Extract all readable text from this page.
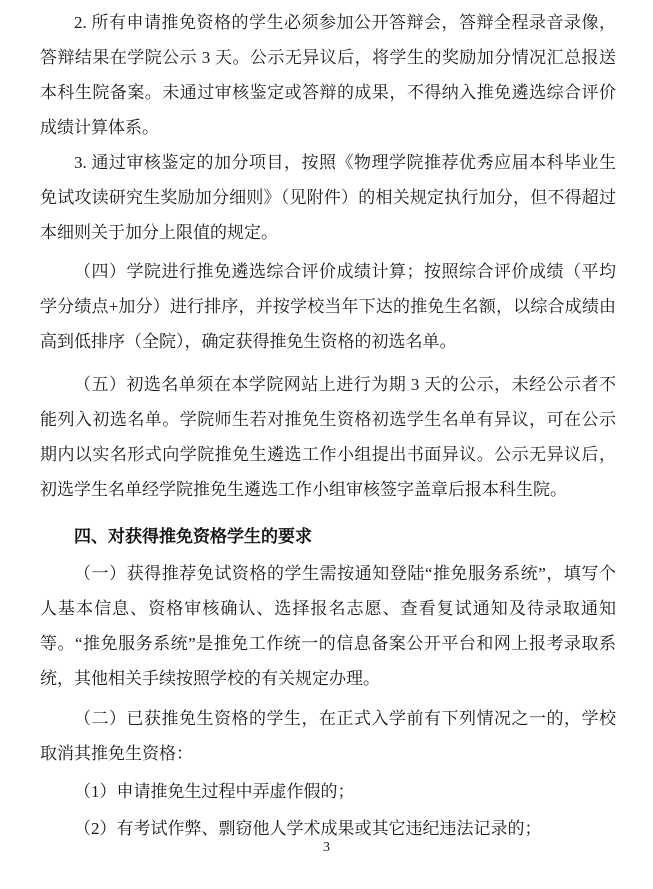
2. 所有申请推免资格的学生必须参加公开答辩会，答辩全程录音录像，答辩结果在学院公示 3 天。公示无异议后，将学生的奖励加分情况汇总报送本科生院备案。未通过审核鉴定或答辩的成果，不得纳入推免遴选综合评价成绩计算体系。

3. 通过审核鉴定的加分项目，按照《物理学院推荐优秀应届本科毕业生免试攻读研究生奖励加分细则》（见附件）的相关规定执行加分，但不得超过本细则关于加分上限值的规定。

（四）学院进行推免遴选综合评价成绩计算；按照综合评价成绩（平均学分绩点+加分）进行排序，并按学校当年下达的推免生名额，以综合成绩由高到低排序（全院），确定获得推免生资格的初选名单。

（五）初选名单须在本学院网站上进行为期 3 天的公示，未经公示者不能列入初选名单。学院师生若对推免生资格初选学生名单有异议，可在公示期内以实名形式向学院推免生遴选工作小组提出书面异议。公示无异议后，初选学生名单经学院推免生遴选工作小组审核签字盖章后报本科生院。

四、对获得推免资格学生的要求

（一）获得推荐免试资格的学生需按通知登陆“推免服务系统”，填写个人基本信息、资格审核确认、选择报名志愿、查看复试通知及待录取通知等。“推免服务系统”是推免工作统一的信息备案公开平台和网上报考录取系统，其他相关手续按照学校的有关规定办理。

（二）已获推免生资格的学生，在正式入学前有下列情况之一的，学校取消其推免生资格：

（1）申请推免生过程中弄虚作假的；

（2）有考试作弊、剽窃他人学术成果或其它违纪违法记录的；

3
